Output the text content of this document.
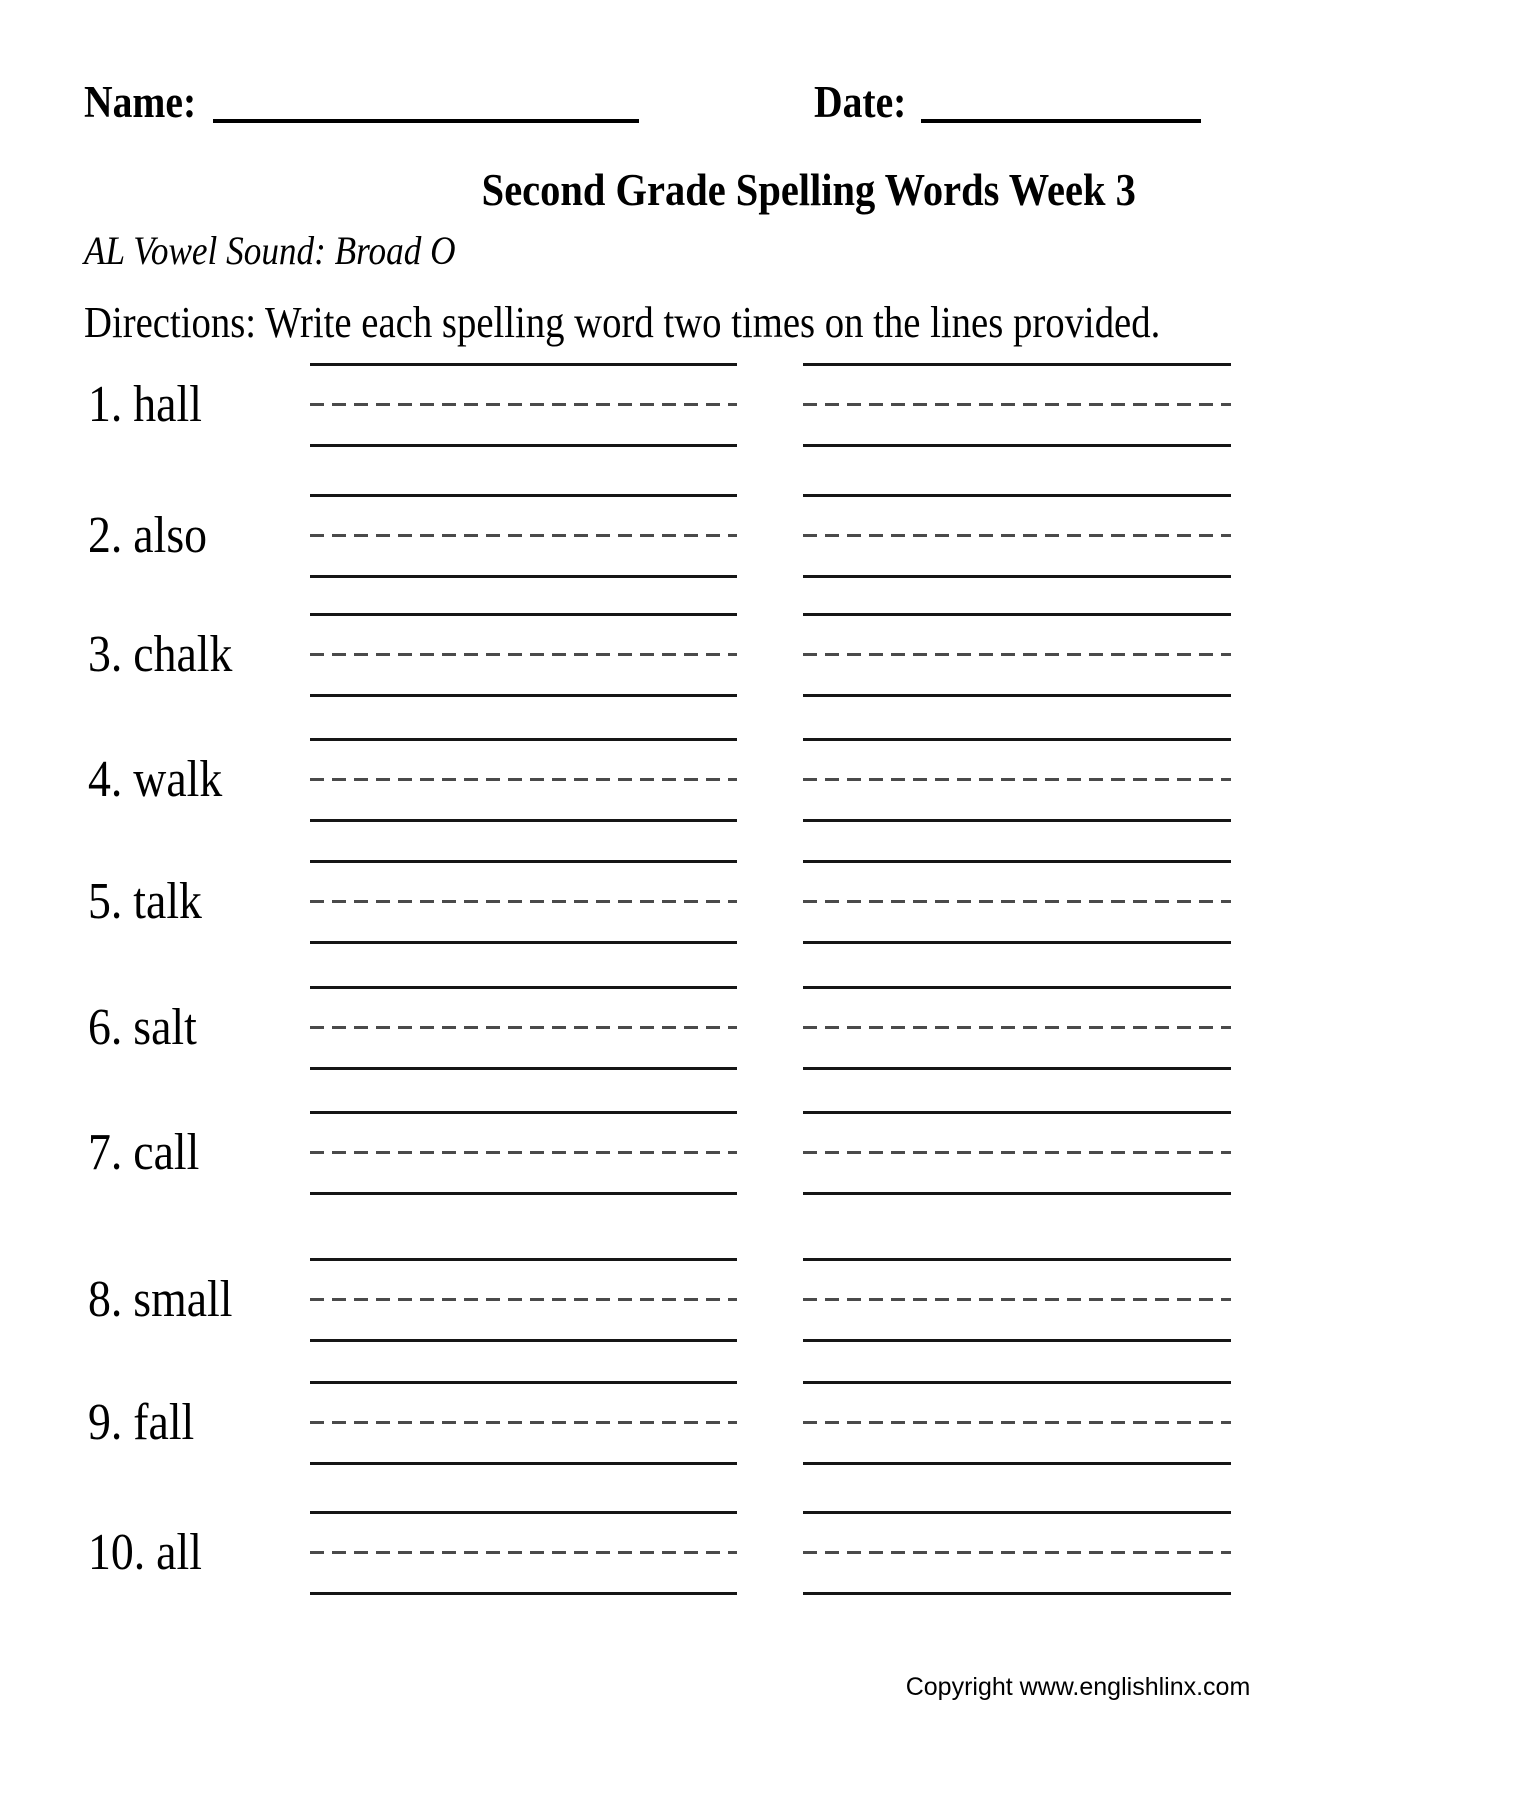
Name:	Date:
Second Grade Spelling Words Week 3
AL Vowel Sound: Broad O
Directions: Write each spelling word two times on the lines provided.
1. hall
2. also
3. chalk
4. walk
5. talk
6. salt
7. call
8. small
9. fall
10. all
Copyright www.englishlinx.com
